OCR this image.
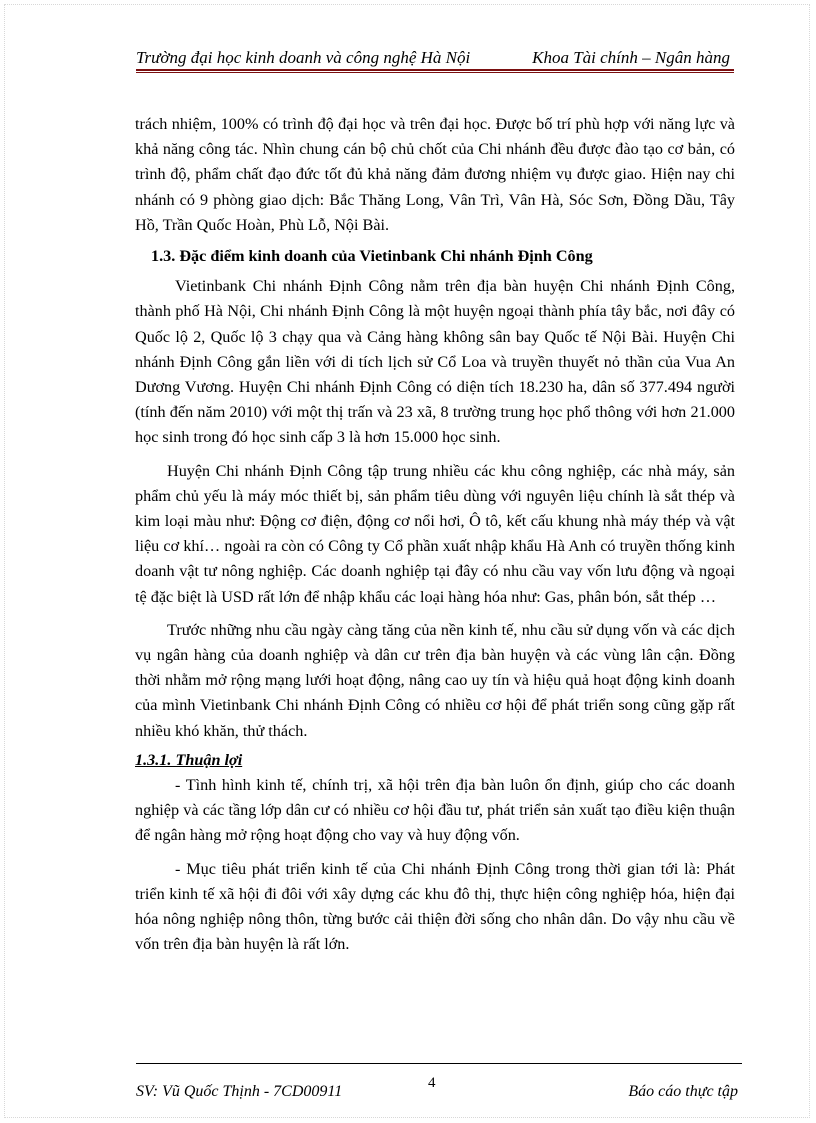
Trường đại học kinh doanh và công nghệ Hà Nội	Khoa Tài chính – Ngân hàng

trách nhiệm, 100% có trình độ đại học và trên đại học. Được bố trí phù hợp với năng lực và khả năng công tác. Nhìn chung cán bộ chủ chốt của Chi nhánh đều được đào tạo cơ bản, có trình độ, phẩm chất đạo đức tốt đủ khả năng đảm đương nhiệm vụ được giao. Hiện nay chi nhánh có 9 phòng giao dịch: Bắc Thăng Long, Vân Trì, Vân Hà, Sóc Sơn, Đồng Dầu, Tây Hồ, Trần Quốc Hoàn, Phù Lỗ, Nội Bài.

1.3. Đặc điểm kinh doanh của Vietinbank Chi nhánh Định Công

Vietinbank Chi nhánh Định Công nằm trên địa bàn huyện Chi nhánh Định Công, thành phố Hà Nội, Chi nhánh Định Công là một huyện ngoại thành phía tây bắc, nơi đây có Quốc lộ 2, Quốc lộ 3 chạy qua và Cảng hàng không sân bay Quốc tế Nội Bài. Huyện Chi nhánh Định Công gắn liền với di tích lịch sử Cổ Loa và truyền thuyết nỏ thần của Vua An Dương Vương. Huyện Chi nhánh Định Công có diện tích 18.230 ha, dân số 377.494 người (tính đến năm 2010) với một thị trấn và 23 xã, 8 trường trung học phổ thông với hơn 21.000 học sinh trong đó học sinh cấp 3 là hơn 15.000 học sinh.

Huyện Chi nhánh Định Công tập trung nhiều các khu công nghiệp, các nhà máy, sản phẩm chủ yếu là máy móc thiết bị, sản phẩm tiêu dùng với nguyên liệu chính là sắt thép và kim loại màu như: Động cơ điện, động cơ nổi hơi, Ô tô, kết cấu khung nhà máy thép và vật liệu cơ khí… ngoài ra còn có Công ty Cổ phần xuất nhập khẩu Hà Anh có truyền thống kinh doanh vật tư nông nghiệp. Các doanh nghiệp tại đây có nhu cầu vay vốn lưu động và ngoại tệ đặc biệt là USD rất lớn để nhập khẩu các loại hàng hóa như: Gas, phân bón, sắt thép …

Trước những nhu cầu ngày càng tăng của nền kinh tế, nhu cầu sử dụng vốn và các dịch vụ ngân hàng của doanh nghiệp và dân cư trên địa bàn huyện và các vùng lân cận. Đồng thời nhằm mở rộng mạng lưới hoạt động, nâng cao uy tín và hiệu quả hoạt động kinh doanh của mình Vietinbank Chi nhánh Định Công có nhiều cơ hội để phát triển song cũng gặp rất nhiều khó khăn, thử thách.

1.3.1. Thuận lợi

- Tình hình kinh tế, chính trị, xã hội trên địa bàn luôn ổn định, giúp cho các doanh nghiệp và các tầng lớp dân cư có nhiều cơ hội đầu tư, phát triển sản xuất tạo điều kiện thuận để ngân hàng mở rộng hoạt động cho vay và huy động vốn.

- Mục tiêu phát triển kinh tế của Chi nhánh Định Công trong thời gian tới là: Phát triển kinh tế xã hội đi đôi với xây dựng các khu đô thị, thực hiện công nghiệp hóa, hiện đại hóa nông nghiệp nông thôn, từng bước cải thiện đời sống cho nhân dân. Do vậy nhu cầu về vốn trên địa bàn huyện là rất lớn.

SV: Vũ Quốc Thịnh - 7CD00911	4	Báo cáo thực tập
